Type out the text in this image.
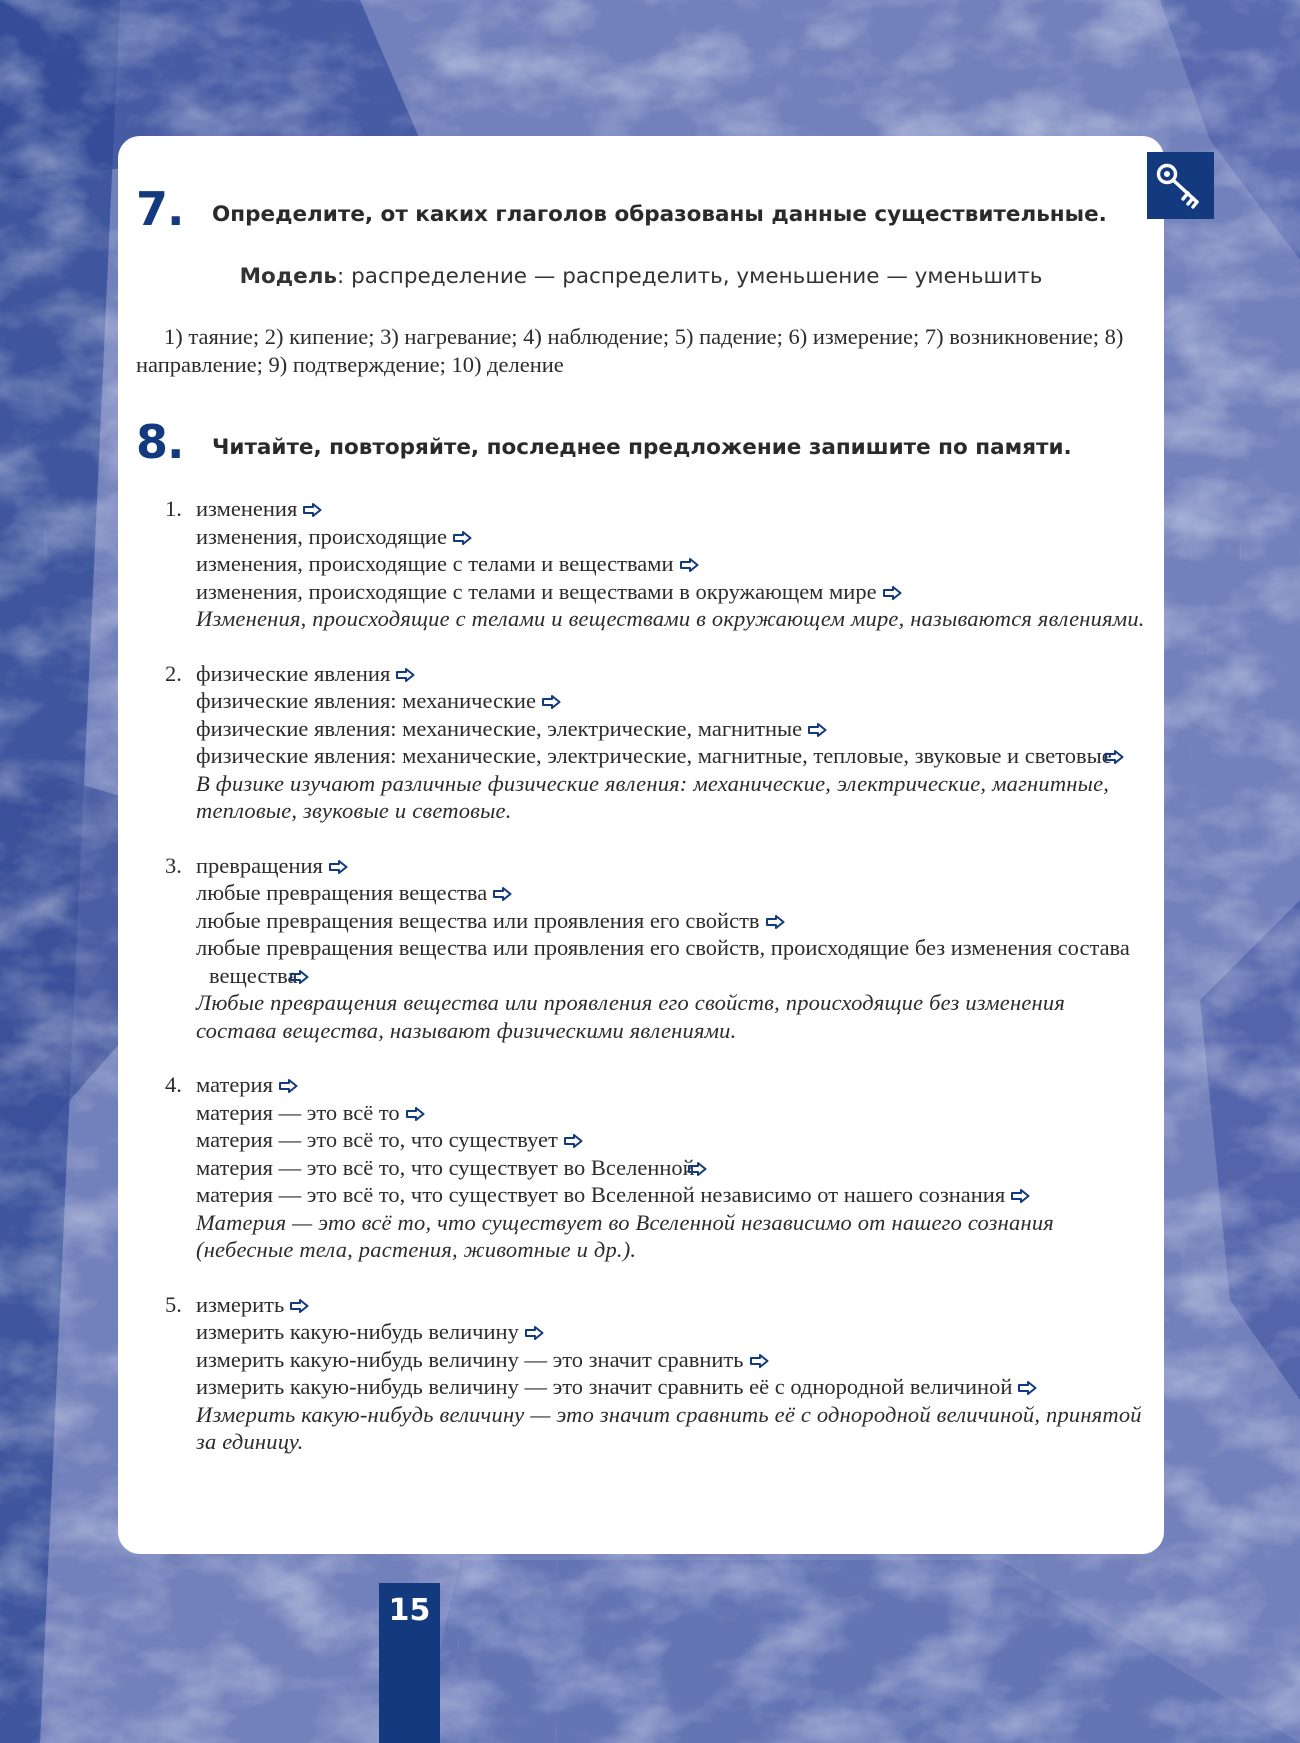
7.	Определите, от каких глаголов образованы данные существительные.

Модель: распределение — распределить, уменьшение — уменьшить

1) таяние; 2) кипение; 3) нагревание; 4) наблюдение; 5) падение; 6) измерение; 7) возникновение; 8) направление; 9) подтверждение; 10) деление

8.	Читайте, повторяйте, последнее предложение запишите по памяти.
1. изменения
изменения, происходящие
изменения, происходящие с телами и веществами
изменения, происходящие с телами и веществами в окружающем мире
Изменения, происходящие с телами и веществами в окружающем мире, называются явлениями.
2. физические явления
физические явления: механические
физические явления: механические, электрические, магнитные
физические явления: механические, электрические, магнитные, тепловые, звуковые и световые
В физике изучают различные физические явления: механические, электрические, магнитные, тепловые, звуковые и световые.
3. превращения
любые превращения вещества
любые превращения вещества или проявления его свойств
любые превращения вещества или проявления его свойств, происходящие без изменения состава вещества
Любые превращения вещества или проявления его свойств, происходящие без изменения состава вещества, называют физическими явлениями.
4. материя
материя — это всё то
материя — это всё то, что существует
материя — это всё то, что существует во Вселенной
материя — это всё то, что существует во Вселенной независимо от нашего сознания
Материя — это всё то, что существует во Вселенной независимо от нашего сознания (небесные тела, растения, животные и др.).
5. измерить
измерить какую-нибудь величину
измерить какую-нибудь величину — это значит сравнить
измерить какую-нибудь величину — это значит сравнить её с однородной величиной
Измерить какую-нибудь величину — это значит сравнить её с однородной величиной, принятой за единицу.
15
